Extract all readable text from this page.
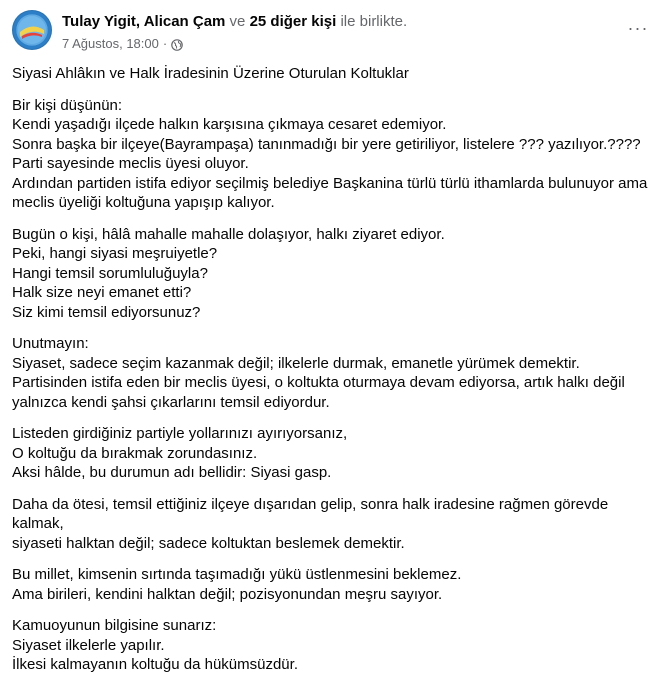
Tulay Yigit, Alican Çam ve 25 diğer kişi ile birlikte.
7 Ağustos, 18:00 ·
···
Siyasi Ahlâkın ve Halk İradesinin Üzerine Oturulan Koltuklar
Bir kişi düşünün:
Kendi yaşadığı ilçede halkın karşısına çıkmaya cesaret edemiyor.
Sonra başka bir ilçeye(Bayrampaşa) tanınmadığı bir yere getiriliyor, listelere ??? yazılıyor.????
Parti sayesinde meclis üyesi oluyor.
Ardından partiden istifa ediyor seçilmiş belediye Başkanina türlü türlü ithamlarda bulunuyor ama
meclis üyeliği koltuğuna yapışıp kalıyor.
Bugün o kişi, hâlâ mahalle mahalle dolaşıyor, halkı ziyaret ediyor.
Peki, hangi siyasi meşruiyetle?
Hangi temsil sorumluluğuyla?
Halk size neyi emanet etti?
Siz kimi temsil ediyorsunuz?
Unutmayın:
Siyaset, sadece seçim kazanmak değil; ilkelerle durmak, emanetle yürümek demektir.
Partisinden istifa eden bir meclis üyesi, o koltukta oturmaya devam ediyorsa, artık halkı değil
yalnızca kendi şahsi çıkarlarını temsil ediyordur.
Listeden girdiğiniz partiyle yollarınızı ayırıyorsanız,
O koltuğu da bırakmak zorundasınız.
Aksi hâlde, bu durumun adı bellidir: Siyasi gasp.
Daha da ötesi, temsil ettiğiniz ilçeye dışarıdan gelip, sonra halk iradesine rağmen görevde kalmak,
siyaseti halktan değil; sadece koltuktan beslemek demektir.
Bu millet, kimsenin sırtında taşımadığı yükü üstlenmesini beklemez.
Ama birileri, kendini halktan değil; pozisyonundan meşru sayıyor.
Kamuoyunun bilgisine sunarız:
Siyaset ilkelerle yapılır.
İlkesi kalmayanın koltuğu da hükümsüzdür.
